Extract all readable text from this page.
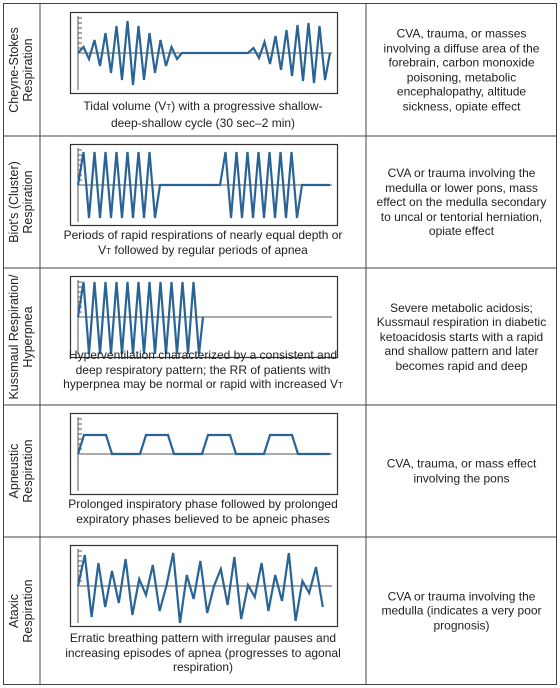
Cheyne-Stokes Respiration
Tidal volume (VT) with a progressive shallow-
deep-shallow cycle (30 sec–2 min)
CVA, trauma, or masses involving a diffuse area of the forebrain, carbon monoxide poisoning, metabolic encephalopathy, altitude sickness, opiate effect
Biot's (Cluster) Respiration
Periods of rapid respirations of nearly equal depth or
VT followed by regular periods of apnea
CVA or trauma involving the medulla or lower pons, mass effect on the medulla secondary to uncal or tentorial herniation, opiate effect
Kussmaul Respiration/ Hyperpnea	Hyperventilation characterized by a consistent and
deep respiratory pattern; the RR of patients with
hyperpnea may be normal or rapid with increased VT
Severe metabolic acidosis; Kussmaul respiration in diabetic ketoacidosis starts with a rapid and shallow pattern and later becomes rapid and deep
Apneustic Respiration
Prolonged inspiratory phase followed by prolonged
expiratory phases believed to be apneic phases
CVA, trauma, or mass effect involving the pons
Ataxic Respiration	Erratic breathing pattern with irregular pauses and
increasing episodes of apnea (progresses to agonal
respiration)
CVA or trauma involving the medulla (indicates a very poor prognosis)
